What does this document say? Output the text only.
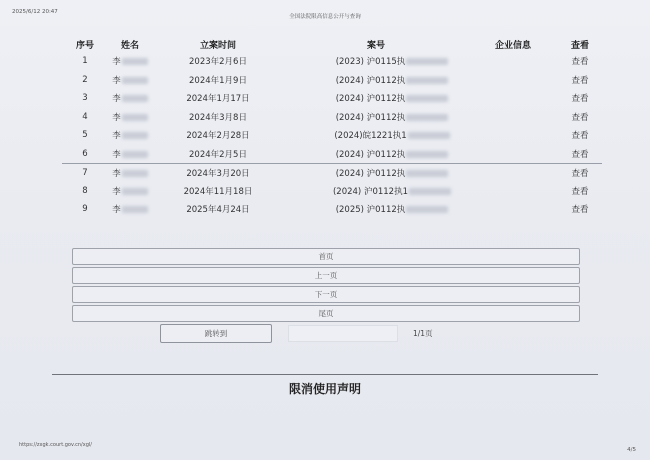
2025/6/12 20:47
全国法院限高信息公开与查询
序号	姓名	立案时间	案号	企业信息	查看
1	李	2023年2月6日	(2023) 沪0115执		查看
2	李	2024年1月9日	(2024) 沪0112执		查看
3	李	2024年1月17日	(2024) 沪0112执		查看
4	李	2024年3月8日	(2024) 沪0112执		查看
5	李	2024年2月28日	(2024)皖1221执1		查看
6	李	2024年2月5日	(2024) 沪0112执		查看
7	李	2024年3月20日	(2024) 沪0112执		查看
8	李	2024年11月18日	(2024) 沪0112执1		查看
9	李	2025年4月24日	(2025) 沪0112执		查看
首页
上一页
下一页
尾页
跳转到	1/1页
限消使用声明
https://zxgk.court.gov.cn/xgl/
4/5
